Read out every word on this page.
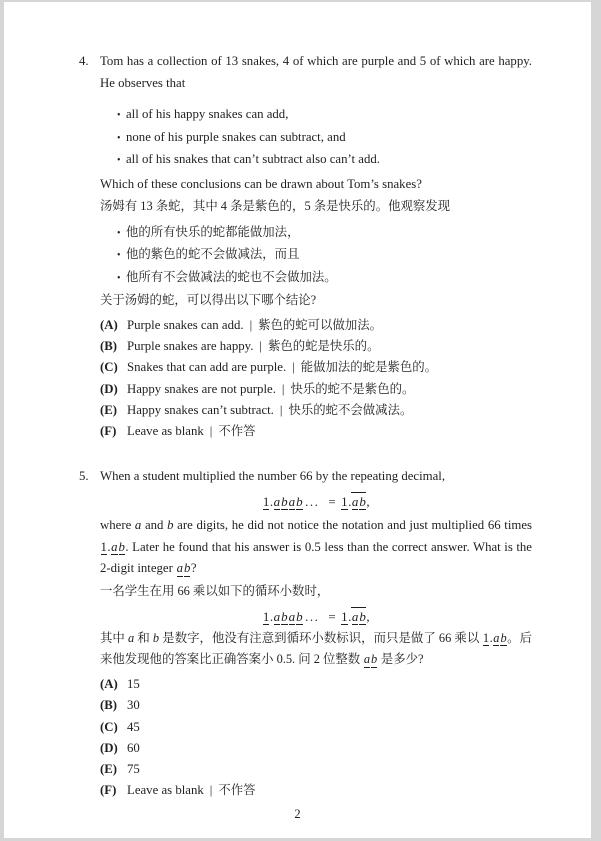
4. Tom has a collection of 13 snakes, 4 of which are purple and 5 of which are happy. He observes that

• all of his happy snakes can add,
• none of his purple snakes can subtract, and
• all of his snakes that can’t subtract also can’t add.

Which of these conclusions can be drawn about Tom’s snakes?

汤姆有 13 条蛇，其中 4 条是紫色的，5 条是快乐的。他观察发现

• 他的所有快乐的蛇都能做加法，
• 他的紫色的蛇不会做减法，而且
• 他所有不会做减法的蛇也不会做加法。

关于汤姆的蛇，可以得出以下哪个结论?

(A) Purple snakes can add. | 紫色的蛇可以做加法。
(B) Purple snakes are happy. | 紫色的蛇是快乐的。
(C) Snakes that can add are purple. | 能做加法的蛇是紫色的。
(D) Happy snakes are not purple. | 快乐的蛇不是紫色的。
(E) Happy snakes can’t subtract. | 快乐的蛇不会做减法。
(F) Leave as blank | 不作答
5. When a student multiplied the number 66 by the repeating decimal,

1.abab ... = 1.ab,

where a and b are digits, he did not notice the notation and just multiplied 66 times 1.ab. Later he found that his answer is 0.5 less than the correct answer. What is the 2-digit integer ab?

一名学生在用 66 乘以如下的循环小数时，

1.abab ... = 1.ab,

其中 a 和 b 是数字，他没有注意到循环小数标识，而只是做了 66 乘以 1.ab。后来他发现他的答案比正确答案小 0.5. 问 2 位整数 ab 是多少?

(A) 15
(B) 30
(C) 45
(D) 60
(E) 75
(F) Leave as blank | 不作答
2
